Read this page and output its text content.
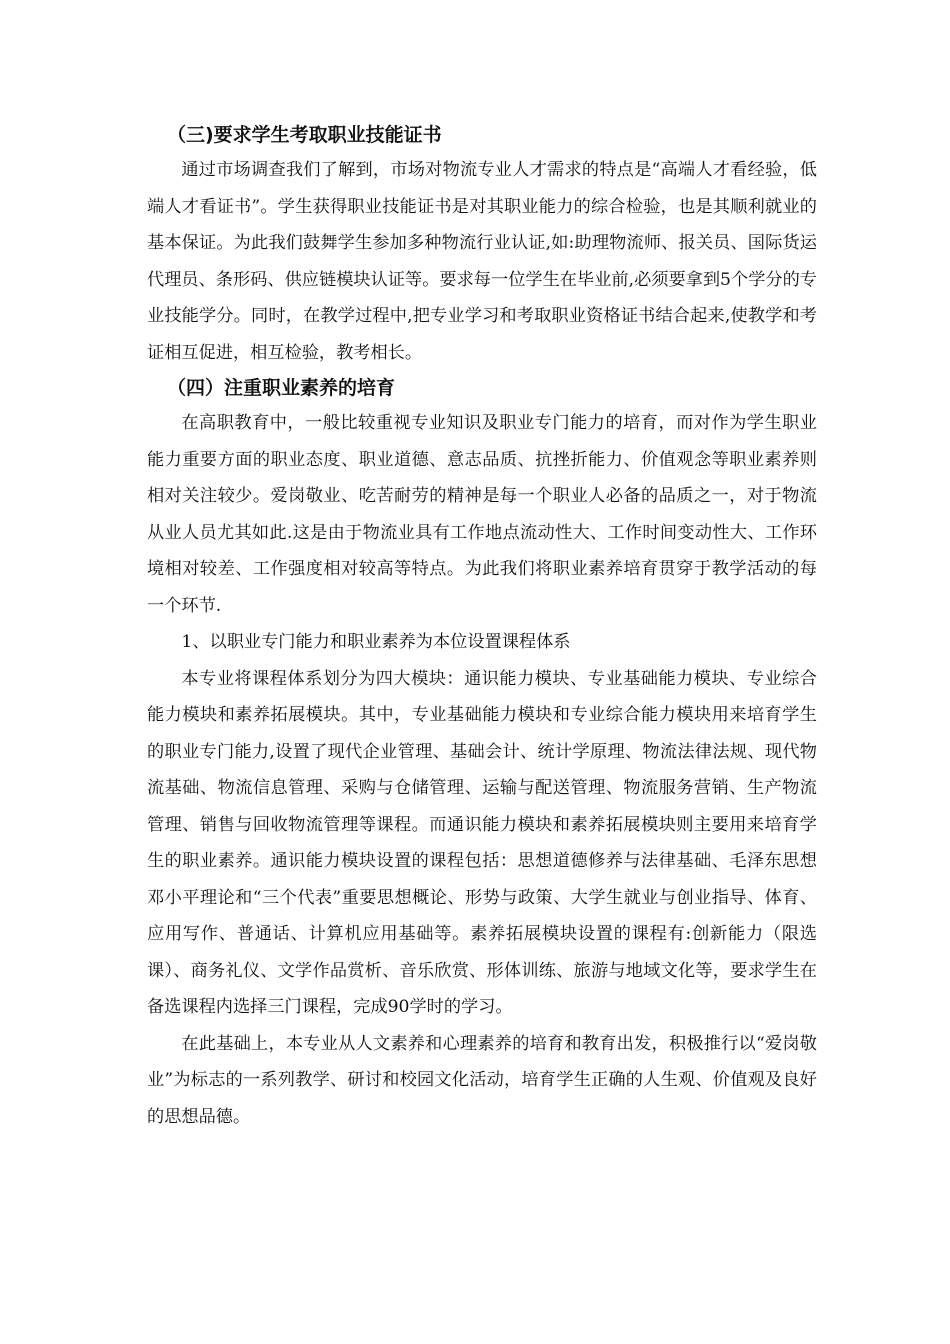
（三)要求学生考取职业技能证书

通过市场调查我们了解到，市场对物流专业人才需求的特点是“高端人才看经验，低端人才看证书”。学生获得职业技能证书是对其职业能力的综合检验，也是其顺利就业的基本保证。为此我们鼓舞学生参加多种物流行业认证,如:助理物流师、报关员、国际货运代理员、条形码、供应链模块认证等。要求每一位学生在毕业前,必须要拿到5个学分的专业技能学分。同时，在教学过程中,把专业学习和考取职业资格证书结合起来,使教学和考证相互促进，相互检验，教考相长。

（四）注重职业素养的培育

在高职教育中，一般比较重视专业知识及职业专门能力的培育，而对作为学生职业能力重要方面的职业态度、职业道德、意志品质、抗挫折能力、价值观念等职业素养则相对关注较少。爱岗敬业、吃苦耐劳的精神是每一个职业人必备的品质之一，对于物流从业人员尤其如此.这是由于物流业具有工作地点流动性大、工作时间变动性大、工作环境相对较差、工作强度相对较高等特点。为此我们将职业素养培育贯穿于教学活动的每一个环节.

1、以职业专门能力和职业素养为本位设置课程体系

本专业将课程体系划分为四大模块：通识能力模块、专业基础能力模块、专业综合能力模块和素养拓展模块。其中，专业基础能力模块和专业综合能力模块用来培育学生的职业专门能力,设置了现代企业管理、基础会计、统计学原理、物流法律法规、现代物流基础、物流信息管理、采购与仓储管理、运输与配送管理、物流服务营销、生产物流管理、销售与回收物流管理等课程。而通识能力模块和素养拓展模块则主要用来培育学生的职业素养。通识能力模块设置的课程包括：思想道德修养与法律基础、毛泽东思想邓小平理论和“三个代表”重要思想概论、形势与政策、大学生就业与创业指导、体育、应用写作、普通话、计算机应用基础等。素养拓展模块设置的课程有:创新能力（限选课）、商务礼仪、文学作品赏析、音乐欣赏、形体训练、旅游与地域文化等，要求学生在备选课程内选择三门课程，完成90学时的学习。

在此基础上，本专业从人文素养和心理素养的培育和教育出发，积极推行以“爱岗敬业”为标志的一系列教学、研讨和校园文化活动，培育学生正确的人生观、价值观及良好的思想品德。
